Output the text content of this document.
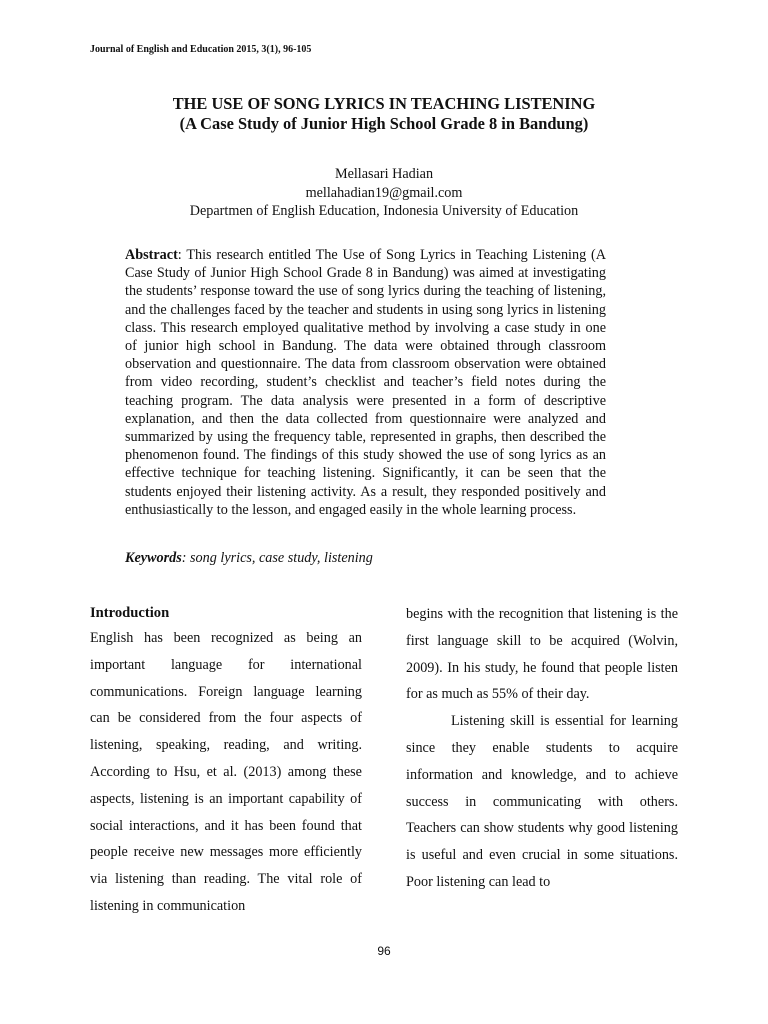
Journal of English and Education 2015, 3(1), 96-105
THE USE OF SONG LYRICS IN TEACHING LISTENING
(A Case Study of Junior High School Grade 8 in Bandung)
Mellasari Hadian
mellahadian19@gmail.com
Departmen of English Education, Indonesia University of Education
Abstract: This research entitled The Use of Song Lyrics in Teaching Listening (A Case Study of Junior High School Grade 8 in Bandung) was aimed at investigating the students’ response toward the use of song lyrics during the teaching of listening, and the challenges faced by the teacher and students in using song lyrics in listening class. This research employed qualitative method by involving a case study in one of junior high school in Bandung. The data were obtained through classroom observation and questionnaire. The data from classroom observation were obtained from video recording, student’s checklist and teacher’s field notes during the teaching program. The data analysis were presented in a form of descriptive explanation, and then the data collected from questionnaire were analyzed and summarized by using the frequency table, represented in graphs, then described the phenomenon found. The findings of this study showed the use of song lyrics as an effective technique for teaching listening. Significantly, it can be seen that the students enjoyed their listening activity. As a result, they responded positively and enthusiastically to the lesson, and engaged easily in the whole learning process.
Keywords: song lyrics, case study, listening
Introduction

English has been recognized as being an important language for international communications. Foreign language learning can be considered from the four aspects of listening, speaking, reading, and writing. According to Hsu, et al. (2013) among these aspects, listening is an important capability of social interactions, and it has been found that people receive new messages more efficiently via listening than reading. The vital role of listening in communication

begins with the recognition that listening is the first language skill to be acquired (Wolvin, 2009). In his study, he found that people listen for as much as 55% of their day.

Listening skill is essential for learning since they enable students to acquire information and knowledge, and to achieve success in communicating with others. Teachers can show students why good listening is useful and even crucial in some situations. Poor listening can lead to

96
